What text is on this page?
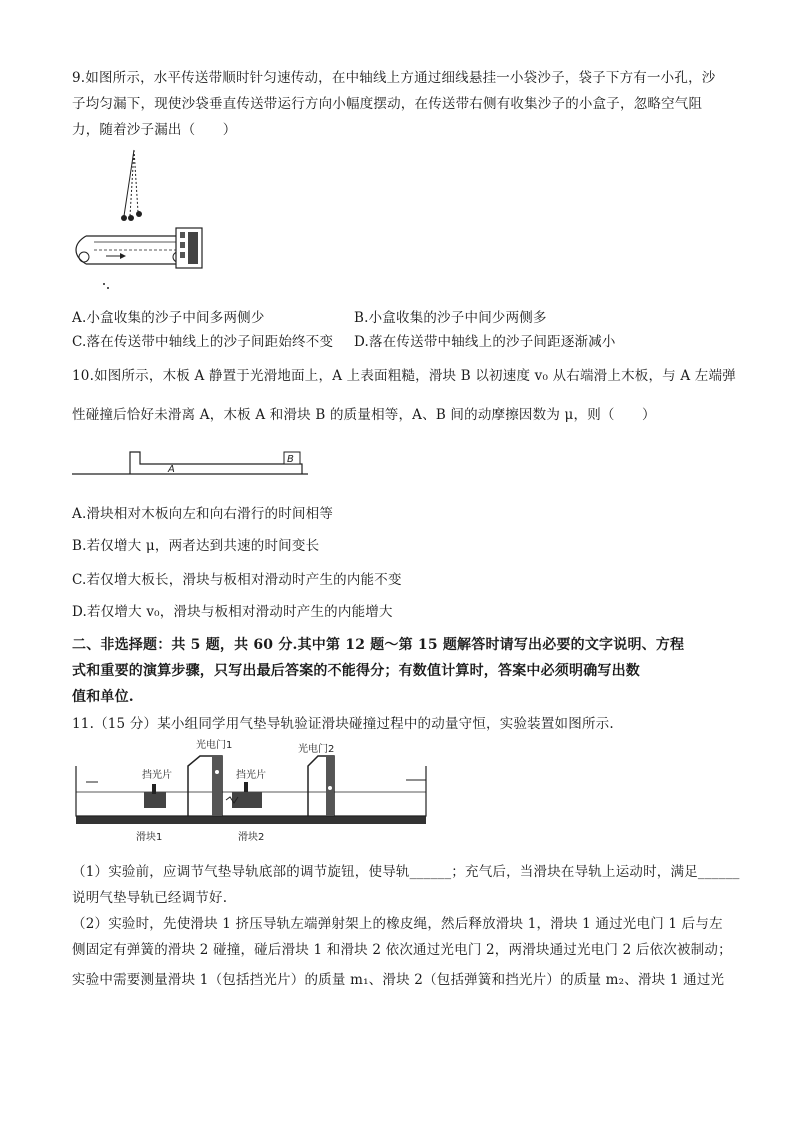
9.如图所示，水平传送带顺时针匀速传动，在中轴线上方通过细线悬挂一小袋沙子，袋子下方有一小孔，沙
子均匀漏下，现使沙袋垂直传送带运行方向小幅度摆动，在传送带右侧有收集沙子的小盒子，忽略空气阻
力，随着沙子漏出（　　）
A.小盒收集的沙子中间多两侧少	B.小盒收集的沙子中间少两侧多
C.落在传送带中轴线上的沙子间距始终不变 D.落在传送带中轴线上的沙子间距逐渐减小
10.如图所示，木板 A 静置于光滑地面上，A 上表面粗糙，滑块 B 以初速度 v₀ 从右端滑上木板，与 A 左端弹
性碰撞后恰好未滑离 A，木板 A 和滑块 B 的质量相等，A、B 间的动摩擦因数为 μ，则（　　）
A
B
A.滑块相对木板向左和向右滑行的时间相等
B.若仅增大 μ，两者达到共速的时间变长
C.若仅增大板长，滑块与板相对滑动时产生的内能不变
D.若仅增大 v₀，滑块与板相对滑动时产生的内能增大
二、非选择题：共 5 题，共 60 分.其中第 12 题～第 15 题解答时请写出必要的文字说明、方程
式和重要的演算步骤，只写出最后答案的不能得分；有数值计算时，答案中必须明确写出数
值和单位.
11.（15 分）某小组同学用气垫导轨验证滑块碰撞过程中的动量守恒，实验装置如图所示.
光电门1	光电门2
挡光片	挡光片
滑块1	滑块2
（1）实验前，应调节气垫导轨底部的调节旋钮，使导轨______；充气后，当滑块在导轨上运动时，满足______
说明气垫导轨已经调节好.
（2）实验时，先使滑块 1 挤压导轨左端弹射架上的橡皮绳，然后释放滑块 1，滑块 1 通过光电门 1 后与左
侧固定有弹簧的滑块 2 碰撞，碰后滑块 1 和滑块 2 依次通过光电门 2，两滑块通过光电门 2 后依次被制动；
实验中需要测量滑块 1（包括挡光片）的质量 m₁、滑块 2（包括弹簧和挡光片）的质量 m₂、滑块 1 通过光
